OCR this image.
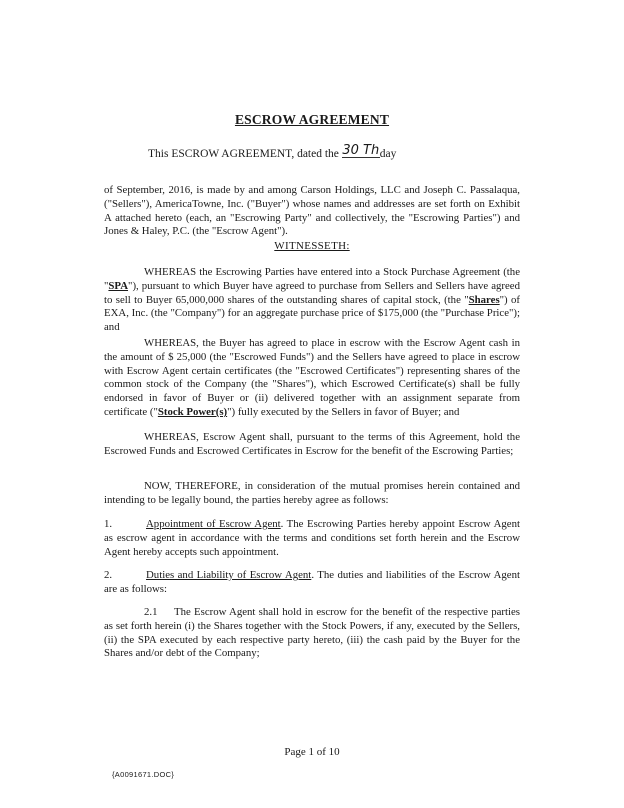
ESCROW AGREEMENT
This ESCROW AGREEMENT, dated the 30 Thday
of September, 2016, is made by and among Carson Holdings, LLC and Joseph C. Passalaqua, ("Sellers"), AmericaTowne, Inc. ("Buyer") whose names and addresses are set forth on Exhibit A attached hereto (each, an "Escrowing Party" and collectively, the "Escrowing Parties") and Jones & Haley, P.C. (the "Escrow Agent").
WITNESSETH:
WHEREAS the Escrowing Parties have entered into a Stock Purchase Agreement (the "SPA"), pursuant to which Buyer have agreed to purchase from Sellers and Sellers have agreed to sell to Buyer 65,000,000 shares of the outstanding shares of capital stock, (the "Shares") of EXA, Inc. (the "Company") for an aggregate purchase price of $175,000 (the "Purchase Price"); and
WHEREAS, the Buyer has agreed to place in escrow with the Escrow Agent cash in the amount of $ 25,000 (the "Escrowed Funds") and the Sellers have agreed to place in escrow with Escrow Agent certain certificates (the "Escrowed Certificates") representing shares of the common stock of the Company (the "Shares"), which Escrowed Certificate(s) shall be fully endorsed in favor of Buyer or (ii) delivered together with an assignment separate from certificate ("Stock Power(s)") fully executed by the Sellers in favor of Buyer; and
WHEREAS, Escrow Agent shall, pursuant to the terms of this Agreement, hold the Escrowed Funds and Escrowed Certificates in Escrow for the benefit of the Escrowing Parties;
NOW, THEREFORE, in consideration of the mutual promises herein contained and intending to be legally bound, the parties hereby agree as follows:
1.	Appointment of Escrow Agent. The Escrowing Parties hereby appoint Escrow Agent as escrow agent in accordance with the terms and conditions set forth herein and the Escrow Agent hereby accepts such appointment.
2.	Duties and Liability of Escrow Agent. The duties and liabilities of the Escrow Agent are as follows:
2.1 The Escrow Agent shall hold in escrow for the benefit of the respective parties as set forth herein (i) the Shares together with the Stock Powers, if any, executed by the Sellers, (ii) the SPA executed by each respective party hereto, (iii) the cash paid by the Buyer for the Shares and/or debt of the Company;
Page 1 of 10
{A0091671.DOC}
